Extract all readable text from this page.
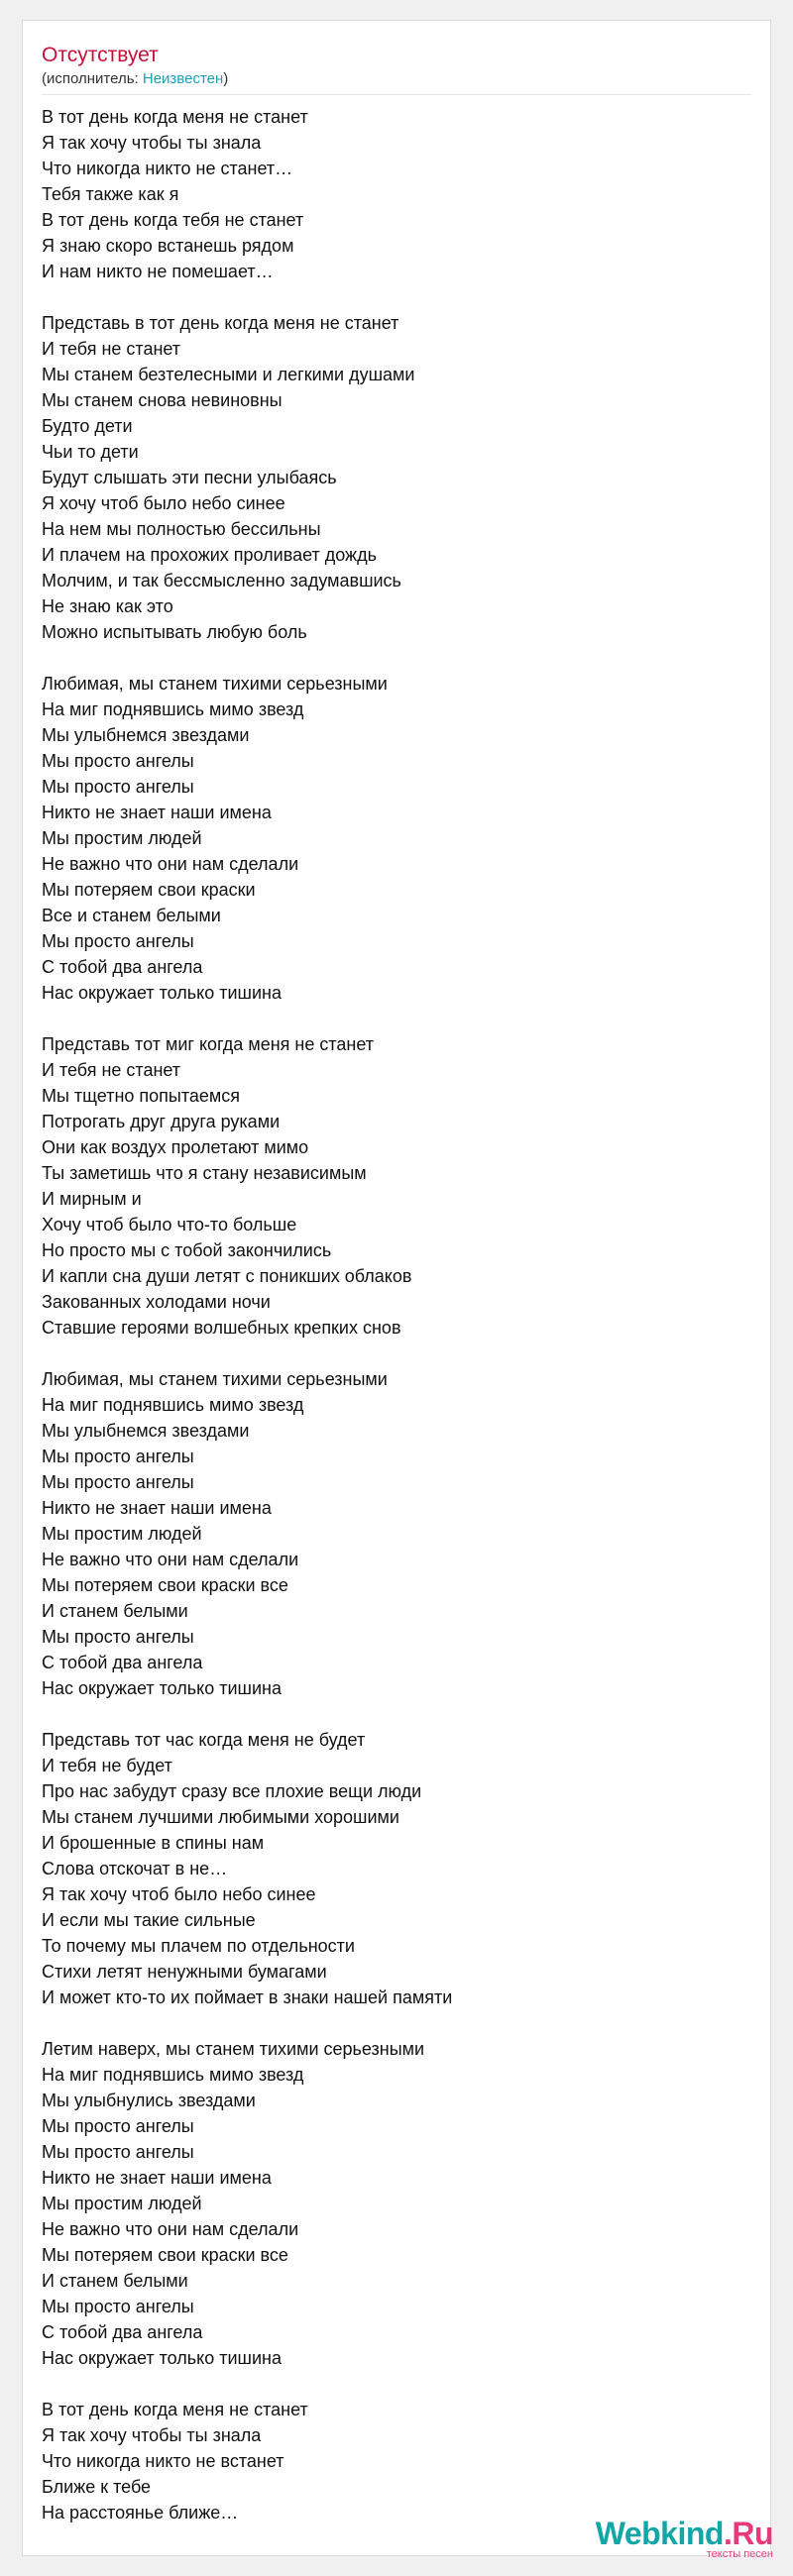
Отсутствует
(исполнитель: Неизвестен)
В тот день когда меня не станет
Я так хочу чтобы ты знала
Что никогда никто не станет…
Тебя также как я
В тот день когда тебя не станет
Я знаю скоро встанешь рядом
И нам никто не помешает…
Представь в тот день когда меня не станет
И тебя не станет
Мы станем безтелесными и легкими душами
Мы станем снова невиновны
Будто дети
Чьи то дети
Будут слышать эти песни улыбаясь
Я хочу чтоб было небо синее
На нем мы полностью бессильны
И плачем на прохожих проливает дождь
Молчим, и так бессмысленно задумавшись
Не знаю как это
Можно испытывать любую боль
Любимая, мы станем тихими серьезными
На миг поднявшись мимо звезд
Мы улыбнемся звездами
Мы просто ангелы
Мы просто ангелы
Никто не знает наши имена
Мы простим людей
Не важно что они нам сделали
Мы потеряем свои краски
Все и станем белыми
Мы просто ангелы
С тобой два ангела
Нас окружает только тишина
Представь тот миг когда меня не станет
И тебя не станет
Мы тщетно попытаемся
Потрогать друг друга руками
Они как воздух пролетают мимо
Ты заметишь что я стану независимым
И мирным и
Хочу чтоб было что-то больше
Но просто мы с тобой закончились
И капли сна души летят с поникших облаков
Закованных холодами ночи
Ставшие героями волшебных крепких снов
Любимая, мы станем тихими серьезными
На миг поднявшись мимо звезд
Мы улыбнемся звездами
Мы просто ангелы
Мы просто ангелы
Никто не знает наши имена
Мы простим людей
Не важно что они нам сделали
Мы потеряем свои краски все
И станем белыми
Мы просто ангелы
С тобой два ангела
Нас окружает только тишина
Представь тот час когда меня не будет
И тебя не будет
Про нас забудут сразу все плохие вещи люди
Мы станем лучшими любимыми хорошими
И брошенные в спины нам
Слова отскочат в не…
Я так хочу чтоб было небо синее
И если мы такие сильные
То почему мы плачем по отдельности
Стихи летят ненужными бумагами
И может кто-то их поймает в знаки нашей памяти
Летим наверх, мы станем тихими серьезными
На миг поднявшись мимо звезд
Мы улыбнулись звездами
Мы просто ангелы
Мы просто ангелы
Никто не знает наши имена
Мы простим людей
Не важно что они нам сделали
Мы потеряем свои краски все
И станем белыми
Мы просто ангелы
С тобой два ангела
Нас окружает только тишина
В тот день когда меня не станет
Я так хочу чтобы ты знала
Что никогда никто не встанет
Ближе к тебе
На расстоянье ближе…
Webkind.Ru
тексты песен
